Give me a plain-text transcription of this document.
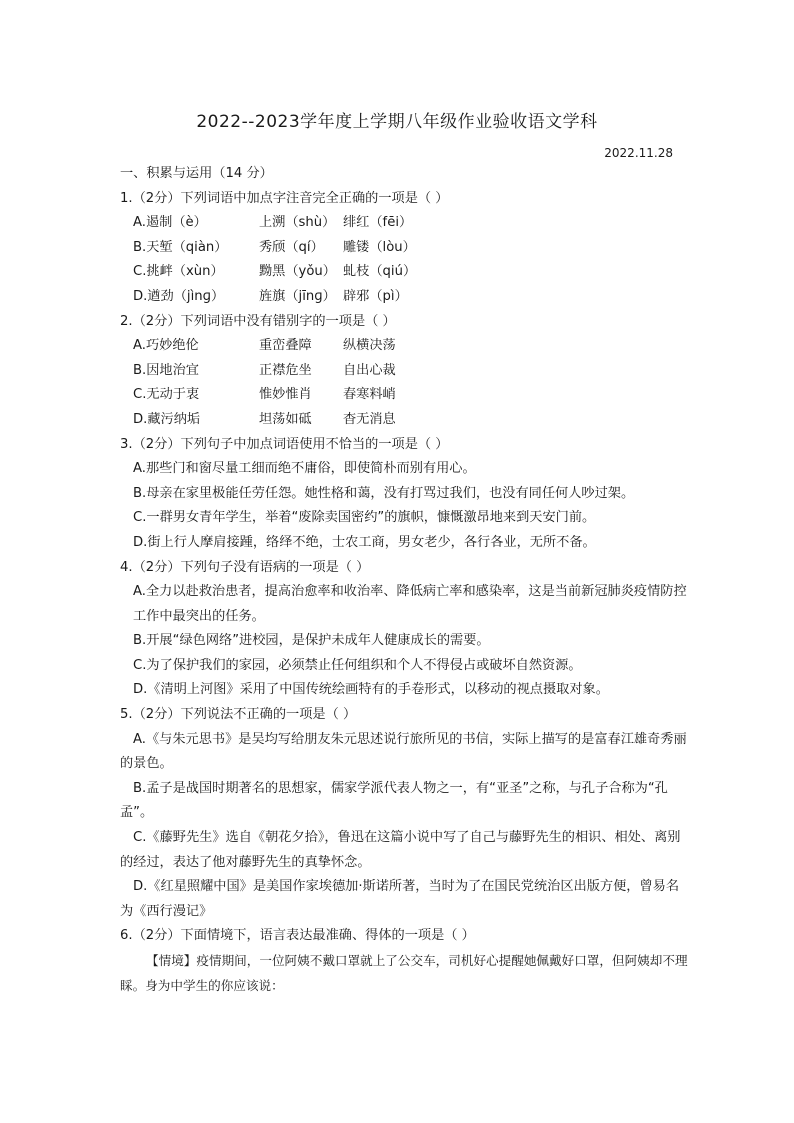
2022--2023学年度上学期八年级作业验收语文学科
2022.11.28
一、积累与运用（14 分）
1.（2分）下列词语中加点字注音完全正确的一项是（ ）
A.遏制（è）	上溯（shù） 绯红（fēi）
B.天堑（qiàn）	秀颀（qí）	雕镂（lòu）
C.挑衅（xùn）	黝黑（yǒu） 虬枝（qiú）
D.遒劲（jìnɡ）	旌旗（jīnɡ） 辟邪（pì）
2.（2分）下列词语中没有错别字的一项是（ ）
A.巧妙绝伦	重峦叠障	纵横决荡
B.因地治宜	正襟危坐	自出心裁
C.无动于衷	惟妙惟肖	春寒料峭
D.藏污纳垢	坦荡如砥	杳无消息
3.（2分）下列句子中加点词语使用不恰当的一项是（ ）
A.那些门和窗尽量工细而绝不庸俗，即使简朴而别有用心。
B.母亲在家里极能任劳任怨。她性格和蔼，没有打骂过我们，也没有同任何人吵过架。
C.一群男女青年学生，举着“废除卖国密约”的旗帜，慷慨激昂地来到天安门前。
D.街上行人摩肩接踵，络绎不绝，士农工商，男女老少，各行各业，无所不备。
4.（2分）下列句子没有语病的一项是（ ）
A.全力以赴救治患者，提高治愈率和收治率、降低病亡率和感染率，这是当前新冠肺炎疫情防控工作中最突出的任务。
B.开展“绿色网络”进校园，是保护未成年人健康成长的需要。
C.为了保护我们的家园，必须禁止任何组织和个人不得侵占或破坏自然资源。
D.《清明上河图》采用了中国传统绘画特有的手卷形式，以移动的视点摄取对象。
5.（2分）下列说法不正确的一项是（ ）
A.《与朱元思书》是吴均写给朋友朱元思述说行旅所见的书信，实际上描写的是富春江雄奇秀丽的景色。
B.孟子是战国时期著名的思想家，儒家学派代表人物之一，有“亚圣”之称，与孔子合称为“孔孟”。
C.《藤野先生》选自《朝花夕拾》，鲁迅在这篇小说中写了自己与藤野先生的相识、相处、离别的经过，表达了他对藤野先生的真挚怀念。
D.《红星照耀中国》是美国作家埃德加·斯诺所著，当时为了在国民党统治区出版方便，曾易名为《西行漫记》
6.（2分）下面情境下，语言表达最准确、得体的一项是（ ）
【情境】疫情期间，一位阿姨不戴口罩就上了公交车，司机好心提醒她佩戴好口罩，但阿姨却不理睬。身为中学生的你应该说：
